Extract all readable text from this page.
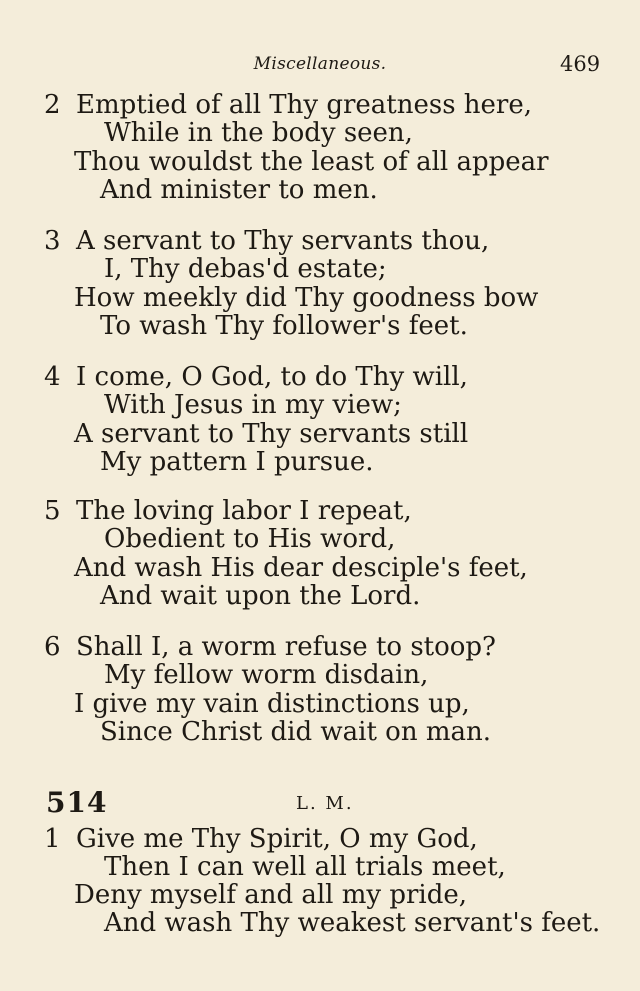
Miscellaneous.	469
2 Emptied of all Thy greatness here,
While in the body seen,
Thou wouldst the least of all appear
And minister to men.
3 A servant to Thy servants thou,
I, Thy debas'd estate;
How meekly did Thy goodness bow
To wash Thy follower's feet.
4 I come, O God, to do Thy will,
With Jesus in my view;
A servant to Thy servants still
My pattern I pursue.
5 The loving labor I repeat,
Obedient to His word,
And wash His dear desciple's feet,
And wait upon the Lord.
6 Shall I, a worm refuse to stoop?
My fellow worm disdain,
I give my vain distinctions up,
Since Christ did wait on man.
514	L. M.
1 Give me Thy Spirit, O my God,
Then I can well all trials meet,
Deny myself and all my pride,
And wash Thy weakest servant's feet.
